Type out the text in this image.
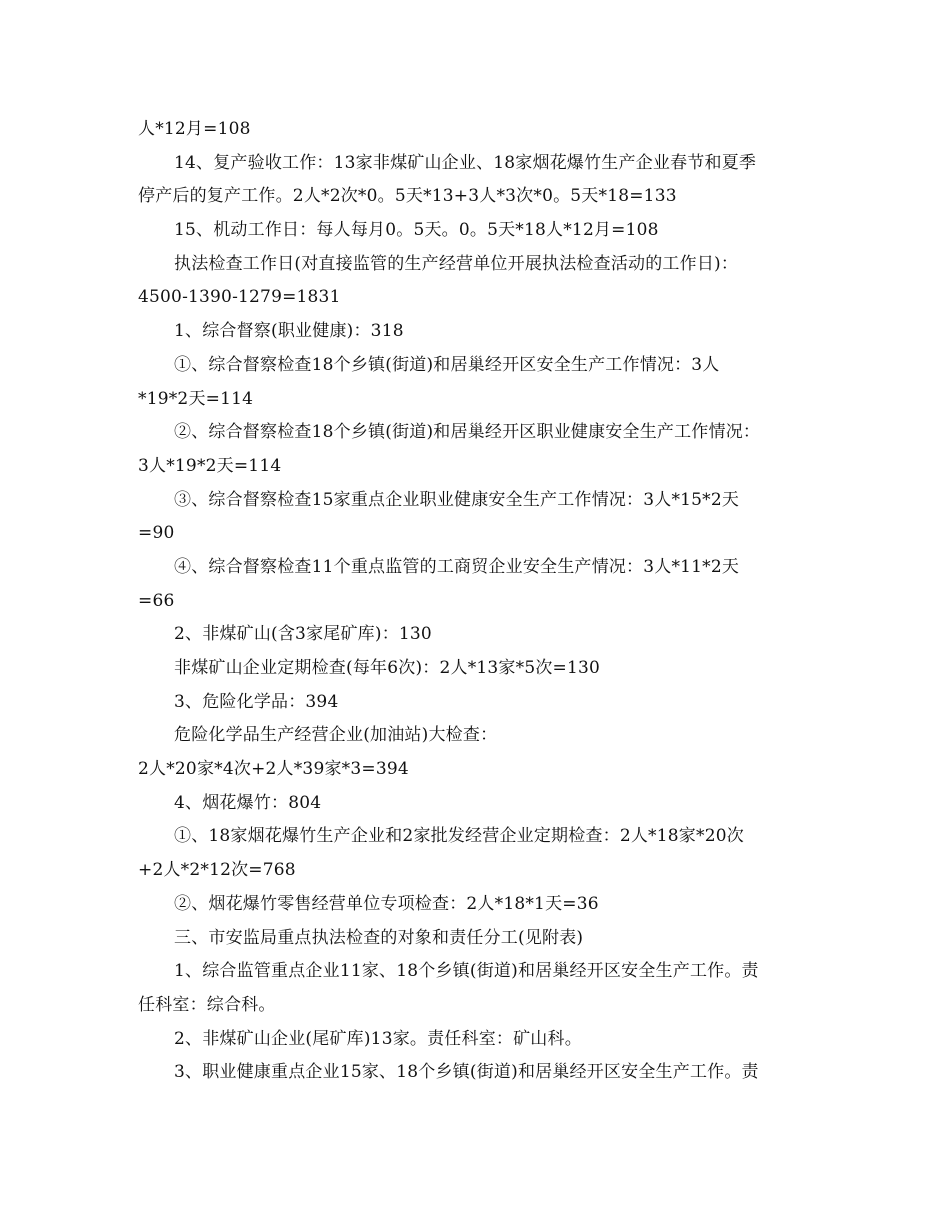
人*12月=108
14、复产验收工作：13家非煤矿山企业、18家烟花爆竹生产企业春节和夏季
停产后的复产工作。2人*2次*0。5天*13+3人*3次*0。5天*18=133
15、机动工作日：每人每月0。5天。0。5天*18人*12月=108
执法检查工作日(对直接监管的生产经营单位开展执法检查活动的工作日)：
4500-1390-1279=1831
1、综合督察(职业健康)：318
①、综合督察检查18个乡镇(街道)和居巢经开区安全生产工作情况：3人
*19*2天=114
②、综合督察检查18个乡镇(街道)和居巢经开区职业健康安全生产工作情况：
3人*19*2天=114
③、综合督察检查15家重点企业职业健康安全生产工作情况：3人*15*2天
=90
④、综合督察检查11个重点监管的工商贸企业安全生产情况：3人*11*2天
=66
2、非煤矿山(含3家尾矿库)：130
非煤矿山企业定期检查(每年6次)：2人*13家*5次=130
3、危险化学品：394
危险化学品生产经营企业(加油站)大检查：
2人*20家*4次+2人*39家*3=394
4、烟花爆竹：804
①、18家烟花爆竹生产企业和2家批发经营企业定期检查：2人*18家*20次
+2人*2*12次=768
②、烟花爆竹零售经营单位专项检查：2人*18*1天=36
三、市安监局重点执法检查的对象和责任分工(见附表)
1、综合监管重点企业11家、18个乡镇(街道)和居巢经开区安全生产工作。责
任科室：综合科。
2、非煤矿山企业(尾矿库)13家。责任科室：矿山科。
3、职业健康重点企业15家、18个乡镇(街道)和居巢经开区安全生产工作。责
